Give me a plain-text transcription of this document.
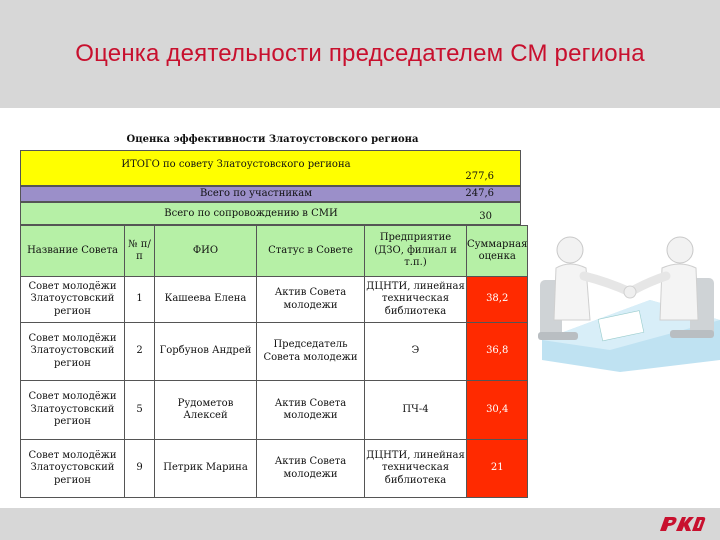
Оценка деятельности председателем СМ региона
Оценка эффективности Златоустовского региона
ИТОГО по совету Златоустовского региона
277,6
Всего по участникам	247,6
Всего по сопровождению в СМИ	30
Название Совета	№ п/п	ФИО	Статус в Совете	Предприятие (ДЗО, филиал и т.п.)	Суммарная оценка
Совет молодёжи Златоустовский регион	1	Кашеева Елена	Актив Совета молодежи	ДЦНТИ, линейная техническая библиотека	38,2
Совет молодёжи Златоустовский регион	2	Горбунов Андрей	Председатель Совета молодежи	Э	36,8
Совет молодёжи Златоустовский регион	5	Рудометов Алексей	Актив Совета молодежи	ПЧ-4	30,4
Совет молодёжи Златоустовский регион	9	Петрик Марина	Актив Совета молодежи	ДЦНТИ, линейная техническая библиотека	21
